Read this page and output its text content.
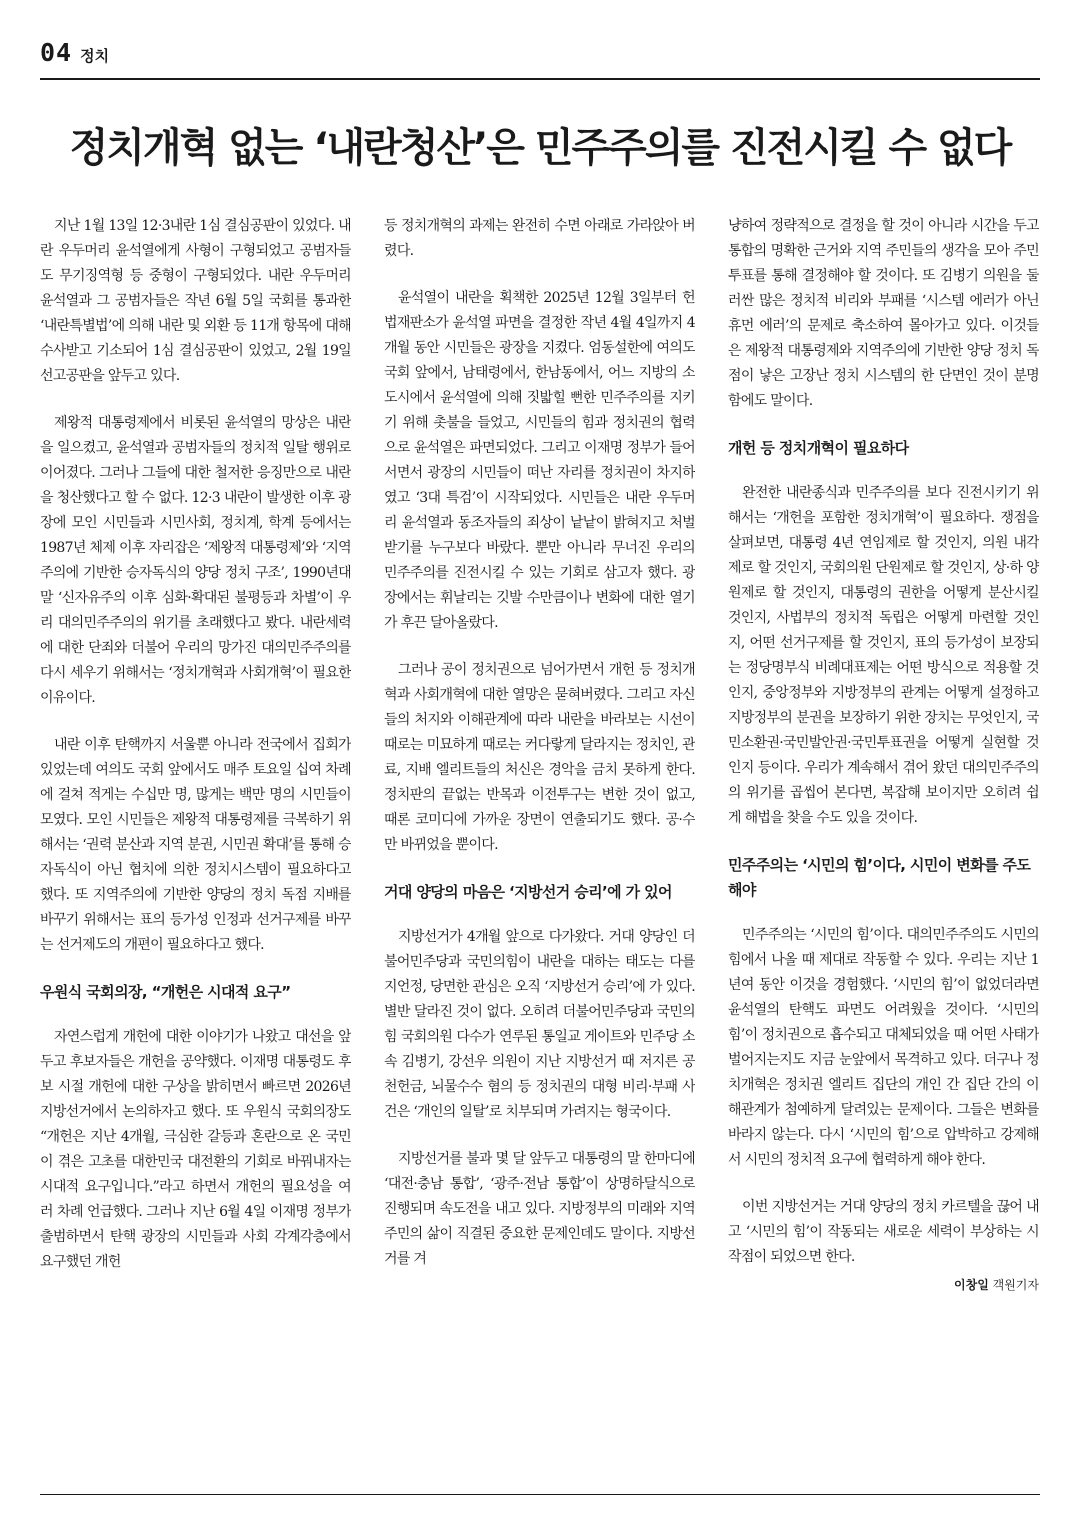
04 정치
정치개혁 없는 ‘내란청산’은 민주주의를 진전시킬 수 없다

지난 1월 13일 12·3내란 1심 결심공판이 있었다. 내란 우두머리 윤석열에게 사형이 구형되었고 공범자들도 무기징역형 등 중형이 구형되었다. 내란 우두머리 윤석열과 그 공범자들은 작년 6월 5일 국회를 통과한 ‘내란특별법’에 의해 내란 및 외환 등 11개 항목에 대해 수사받고 기소되어 1심 결심공판이 있었고, 2월 19일 선고공판을 앞두고 있다.

제왕적 대통령제에서 비롯된 윤석열의 망상은 내란을 일으켰고, 윤석열과 공범자들의 정치적 일탈 행위로 이어졌다. 그러나 그들에 대한 철저한 응징만으로 내란을 청산했다고 할 수 없다. 12·3 내란이 발생한 이후 광장에 모인 시민들과 시민사회, 정치계, 학계 등에서는 1987년 체제 이후 자리잡은 ‘제왕적 대통령제’와 ‘지역주의에 기반한 승자독식의 양당 정치 구조’, 1990년대 말 ‘신자유주의 이후 심화·확대된 불평등과 차별’이 우리 대의민주주의의 위기를 초래했다고 봤다. 내란세력에 대한 단죄와 더불어 우리의 망가진 대의민주주의를 다시 세우기 위해서는 ‘정치개혁과 사회개혁’이 필요한 이유이다.

내란 이후 탄핵까지 서울뿐 아니라 전국에서 집회가 있었는데 여의도 국회 앞에서도 매주 토요일 십여 차례에 걸쳐 적게는 수십만 명, 많게는 백만 명의 시민들이 모였다. 모인 시민들은 제왕적 대통령제를 극복하기 위해서는 ‘권력 분산과 지역 분권, 시민권 확대’를 통해 승자독식이 아닌 협치에 의한 정치시스템이 필요하다고 했다. 또 지역주의에 기반한 양당의 정치 독점 지배를 바꾸기 위해서는 표의 등가성 인정과 선거구제를 바꾸는 선거제도의 개편이 필요하다고 했다.

우원식 국회의장, “개헌은 시대적 요구”

자연스럽게 개헌에 대한 이야기가 나왔고 대선을 앞두고 후보자들은 개헌을 공약했다. 이재명 대통령도 후보 시절 개헌에 대한 구상을 밝히면서 빠르면 2026년 지방선거에서 논의하자고 했다. 또 우원식 국회의장도 “개헌은 지난 4개월, 극심한 갈등과 혼란으로 온 국민이 겪은 고초를 대한민국 대전환의 기회로 바꿔내자는 시대적 요구입니다.”라고 하면서 개헌의 필요성을 여러 차례 언급했다. 그러나 지난 6월 4일 이재명 정부가 출범하면서 탄핵 광장의 시민들과 사회 각계각층에서 요구했던 개헌

등 정치개혁의 과제는 완전히 수면 아래로 가라앉아 버렸다.

윤석열이 내란을 획책한 2025년 12월 3일부터 헌법재판소가 윤석열 파면을 결정한 작년 4월 4일까지 4개월 동안 시민들은 광장을 지켰다. 엄동설한에 여의도 국회 앞에서, 남태령에서, 한남동에서, 어느 지방의 소도시에서 윤석열에 의해 짓밟힐 뻔한 민주주의를 지키기 위해 촛불을 들었고, 시민들의 힘과 정치권의 협력으로 윤석열은 파면되었다. 그리고 이재명 정부가 들어서면서 광장의 시민들이 떠난 자리를 정치권이 차지하였고 ‘3대 특검’이 시작되었다. 시민들은 내란 우두머리 윤석열과 동조자들의 죄상이 낱낱이 밝혀지고 처벌받기를 누구보다 바랐다. 뿐만 아니라 무너진 우리의 민주주의를 진전시킬 수 있는 기회로 삼고자 했다. 광장에서는 휘날리는 깃발 수만큼이나 변화에 대한 열기가 후끈 달아올랐다.

그러나 공이 정치권으로 넘어가면서 개헌 등 정치개혁과 사회개혁에 대한 열망은 묻혀버렸다. 그리고 자신들의 처지와 이해관계에 따라 내란을 바라보는 시선이 때로는 미묘하게 때로는 커다랗게 달라지는 정치인, 관료, 지배 엘리트들의 처신은 경악을 금치 못하게 한다. 정치판의 끝없는 반목과 이전투구는 변한 것이 없고, 때론 코미디에 가까운 장면이 연출되기도 했다. 공·수만 바뀌었을 뿐이다.

거대 양당의 마음은 ‘지방선거 승리’에 가 있어

지방선거가 4개월 앞으로 다가왔다. 거대 양당인 더불어민주당과 국민의힘이 내란을 대하는 태도는 다를지언정, 당면한 관심은 오직 ‘지방선거 승리’에 가 있다. 별반 달라진 것이 없다. 오히려 더불어민주당과 국민의힘 국회의원 다수가 연루된 통일교 게이트와 민주당 소속 김병기, 강선우 의원이 지난 지방선거 때 저지른 공천헌금, 뇌물수수 혐의 등 정치권의 대형 비리·부패 사건은 ‘개인의 일탈’로 치부되며 가려지는 형국이다.

지방선거를 불과 몇 달 앞두고 대통령의 말 한마디에 ‘대전·충남 통합’, ‘광주·전남 통합’이 상명하달식으로 진행되며 속도전을 내고 있다. 지방정부의 미래와 지역 주민의 삶이 직결된 중요한 문제인데도 말이다. 지방선거를 겨

냥하여 정략적으로 결정을 할 것이 아니라 시간을 두고 통합의 명확한 근거와 지역 주민들의 생각을 모아 주민투표를 통해 결정해야 할 것이다. 또 김병기 의원을 둘러싼 많은 정치적 비리와 부패를 ‘시스템 에러가 아닌 휴먼 에러’의 문제로 축소하여 몰아가고 있다. 이것들은 제왕적 대통령제와 지역주의에 기반한 양당 정치 독점이 낳은 고장난 정치 시스템의 한 단면인 것이 분명함에도 말이다.

개헌 등 정치개혁이 필요하다

완전한 내란종식과 민주주의를 보다 진전시키기 위해서는 ‘개헌을 포함한 정치개혁’이 필요하다. 쟁점을 살펴보면, 대통령 4년 연임제로 할 것인지, 의원 내각제로 할 것인지, 국회의원 단원제로 할 것인지, 상·하 양원제로 할 것인지, 대통령의 권한을 어떻게 분산시킬 것인지, 사법부의 정치적 독립은 어떻게 마련할 것인지, 어떤 선거구제를 할 것인지, 표의 등가성이 보장되는 정당명부식 비례대표제는 어떤 방식으로 적용할 것인지, 중앙정부와 지방정부의 관계는 어떻게 설정하고 지방정부의 분권을 보장하기 위한 장치는 무엇인지, 국민소환권·국민발안권·국민투표권을 어떻게 실현할 것인지 등이다. 우리가 계속해서 겪어 왔던 대의민주주의의 위기를 곱씹어 본다면, 복잡해 보이지만 오히려 쉽게 해법을 찾을 수도 있을 것이다.

민주주의는 ‘시민의 힘’이다, 시민이 변화를 주도해야

민주주의는 ‘시민의 힘’이다. 대의민주주의도 시민의 힘에서 나올 때 제대로 작동할 수 있다. 우리는 지난 1년여 동안 이것을 경험했다. ‘시민의 힘’이 없었더라면 윤석열의 탄핵도 파면도 어려웠을 것이다. ‘시민의 힘’이 정치권으로 흡수되고 대체되었을 때 어떤 사태가 벌어지는지도 지금 눈앞에서 목격하고 있다. 더구나 정치개혁은 정치권 엘리트 집단의 개인 간 집단 간의 이해관계가 첨예하게 달려있는 문제이다. 그들은 변화를 바라지 않는다. 다시 ‘시민의 힘’으로 압박하고 강제해서 시민의 정치적 요구에 협력하게 해야 한다.

이번 지방선거는 거대 양당의 정치 카르텔을 끊어 내고 ‘시민의 힘’이 작동되는 새로운 세력이 부상하는 시작점이 되었으면 한다.

이창일 객원기자
